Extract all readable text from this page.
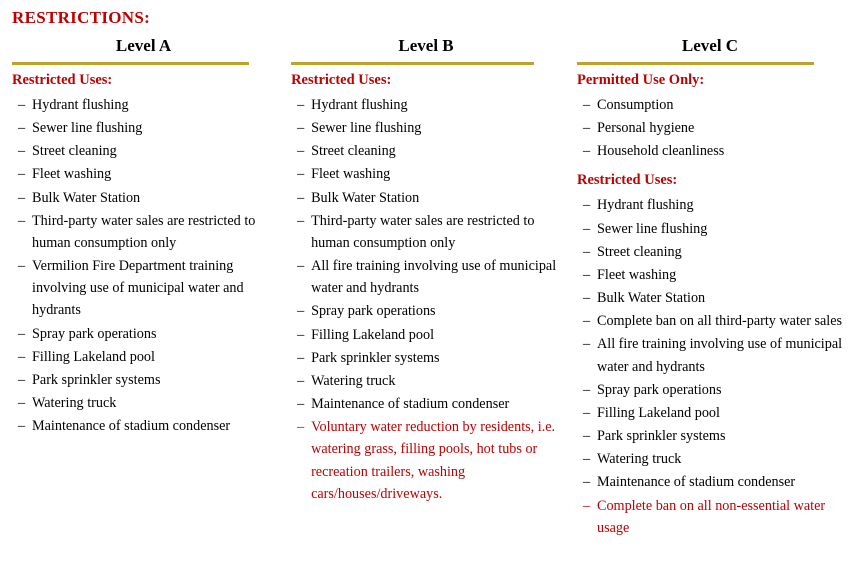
RESTRICTIONS:
Level A
Restricted Uses:
– Hydrant flushing
– Sewer line flushing
– Street cleaning
– Fleet washing
– Bulk Water Station
– Third-party water sales are restricted to human consumption only
– Vermilion Fire Department training involving use of municipal water and hydrants
– Spray park operations
– Filling Lakeland pool
– Park sprinkler systems
– Watering truck
– Maintenance of stadium condenser
Level B
Restricted Uses:
– Hydrant flushing
– Sewer line flushing
– Street cleaning
– Fleet washing
– Bulk Water Station
– Third-party water sales are restricted to human consumption only
– All fire training involving use of municipal water and hydrants
– Spray park operations
– Filling Lakeland pool
– Park sprinkler systems
– Watering truck
– Maintenance of stadium condenser
– Voluntary water reduction by residents, i.e. watering grass, filling pools, hot tubs or recreation trailers, washing cars/houses/driveways.
Level C
Permitted Use Only:
– Consumption
– Personal hygiene
– Household cleanliness
Restricted Uses:
– Hydrant flushing
– Sewer line flushing
– Street cleaning
– Fleet washing
– Bulk Water Station
– Complete ban on all third-party water sales
– All fire training involving use of municipal water and hydrants
– Spray park operations
– Filling Lakeland pool
– Park sprinkler systems
– Watering truck
– Maintenance of stadium condenser
– Complete ban on all non-essential water usage
